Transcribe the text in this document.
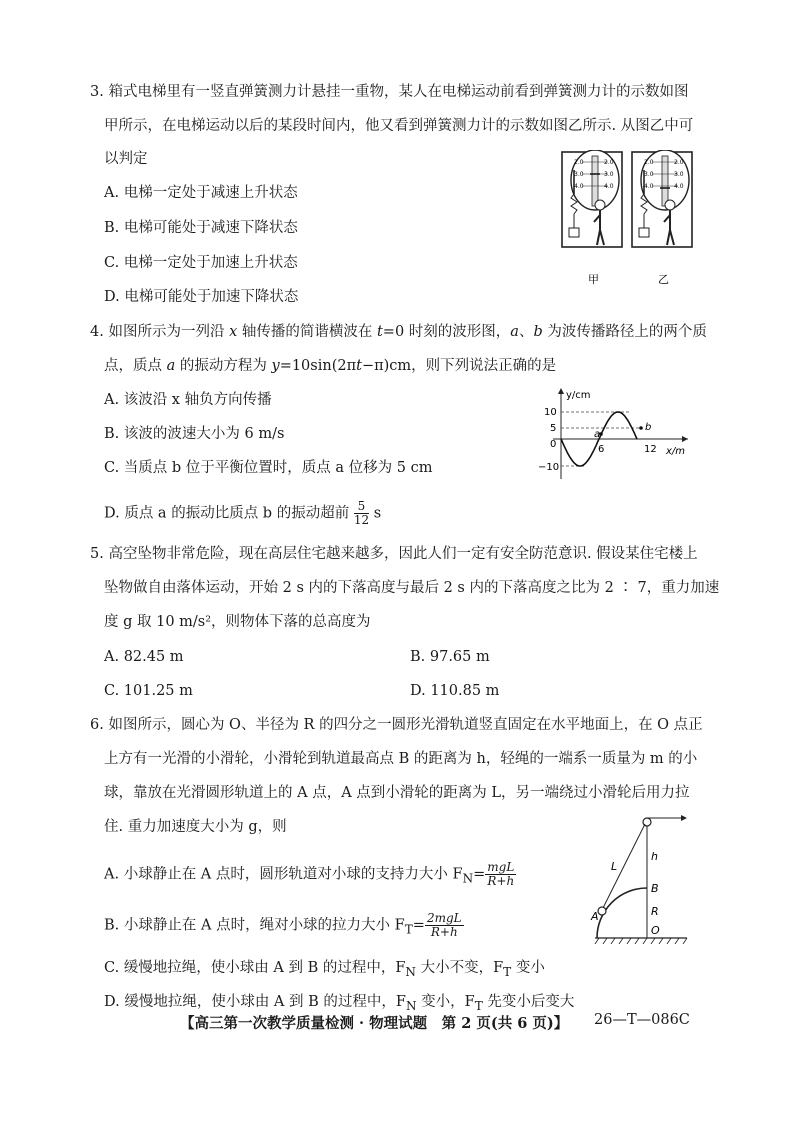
3. 箱式电梯里有一竖直弹簧测力计悬挂一重物，某人在电梯运动前看到弹簧测力计的示数如图
甲所示，在电梯运动以后的某段时间内，他又看到弹簧测力计的示数如图乙所示. 从图乙中可
以判定
A. 电梯一定处于减速上升状态
B. 电梯可能处于减速下降状态
C. 电梯一定处于加速上升状态
D. 电梯可能处于加速下降状态
2.0
3.0
4.0
2.0
3.0
4.0
2.0
3.0
4.0
2.0
3.0
4.0
甲	乙
4. 如图所示为一列沿 x 轴传播的简谐横波在 t=0 时刻的波形图，a、b 为波传播路径上的两个质
点，质点 a 的振动方程为 y=10sin(2πt−π)cm，则下列说法正确的是
A. 该波沿 x 轴负方向传播
B. 该波的波速大小为 6 m/s
C. 当质点 b 位于平衡位置时，质点 a 位移为 5 cm
D. 质点 a 的振动比质点 b 的振动超前 $\frac{5}{12}$ s
y/cm
x/m
10
5
0
−10
6	12
a
b
5. 高空坠物非常危险，现在高层住宅越来越多，因此人们一定有安全防范意识. 假设某住宅楼上
坠物做自由落体运动，开始 2 s 内的下落高度与最后 2 s 内的下落高度之比为 2 ∶ 7，重力加速
度 g 取 10 m/s²，则物体下落的总高度为
A. 82.45 m	B. 97.65 m
C. 101.25 m	D. 110.85 m
6. 如图所示，圆心为 O、半径为 R 的四分之一圆形光滑轨道竖直固定在水平地面上，在 O 点正
上方有一光滑的小滑轮，小滑轮到轨道最高点 B 的距离为 h，轻绳的一端系一质量为 m 的小
球，靠放在光滑圆形轨道上的 A 点，A 点到小滑轮的距离为 L，另一端绕过小滑轮后用力拉
住. 重力加速度大小为 g，则
A. 小球静止在 A 点时，圆形轨道对小球的支持力大小 $F_N= \frac{\text{mgL}}{R+h}$
B. 小球静止在 A 点时，绳对小球的拉力大小 $F_T= \frac{\text{2mgL}}{R+h}$
C. 缓慢地拉绳，使小球由 A 到 B 的过程中，$F_N$ 大小不变，$F_T$ 变小
D. 缓慢地拉绳，使小球由 A 到 B 的过程中，$F_N$ 变小，$F_T$ 先变小后变大
L
h
B
R
A
O
【高三第一次教学质量检测 · 物理试题　第 2 页(共 6 页)】 26—T—086C
